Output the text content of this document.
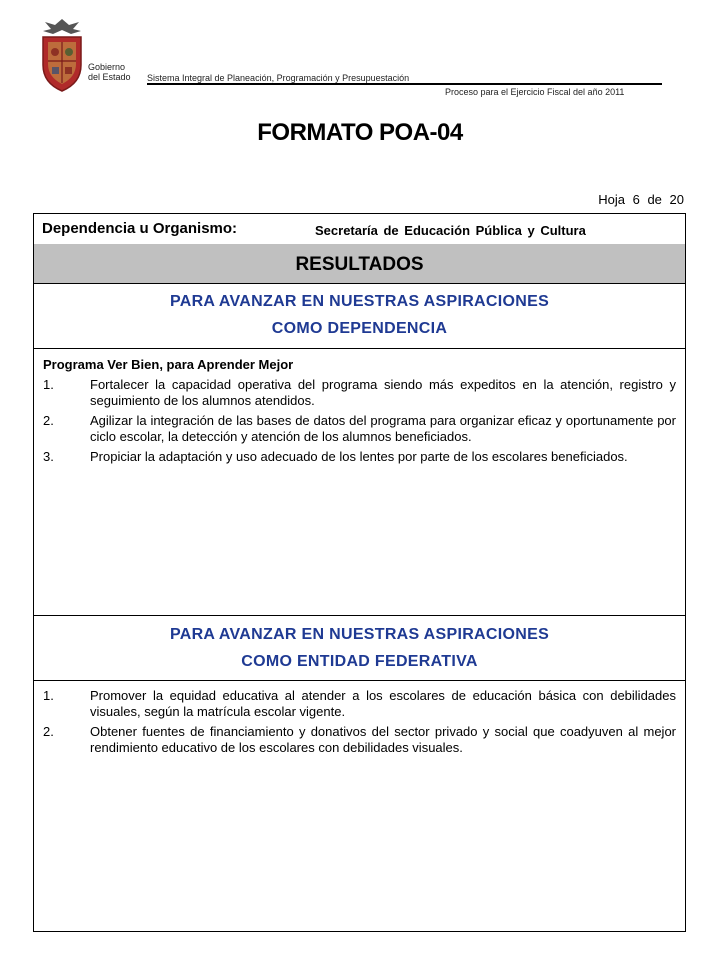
Gobierno
del Estado Sistema Integral de Planeación, Programación y Presupuestación
Proceso para el Ejercicio Fiscal del año 2011
FORMATO POA-04
Hoja 6 de 20
Dependencia u Organismo:	Secretaría de Educación Pública y Cultura
RESULTADOS
PARA AVANZAR EN NUESTRAS ASPIRACIONES
COMO DEPENDENCIA
Programa Ver Bien, para Aprender Mejor
1.	Fortalecer la capacidad operativa del programa siendo más expeditos en la atención, registro y seguimiento de los alumnos atendidos.
2.	Agilizar la integración de las bases de datos del programa para organizar eficaz y oportunamente por ciclo escolar, la detección y atención de los alumnos beneficiados.
3.	Propiciar la adaptación y uso adecuado de los lentes por parte de los escolares beneficiados.
PARA AVANZAR EN NUESTRAS ASPIRACIONES
COMO ENTIDAD FEDERATIVA
1.	Promover la equidad educativa al atender a los escolares de educación básica con debilidades visuales, según la matrícula escolar vigente.
2.	Obtener fuentes de financiamiento y donativos del sector privado y social que coadyuven al mejor rendimiento educativo de los escolares con debilidades visuales.
